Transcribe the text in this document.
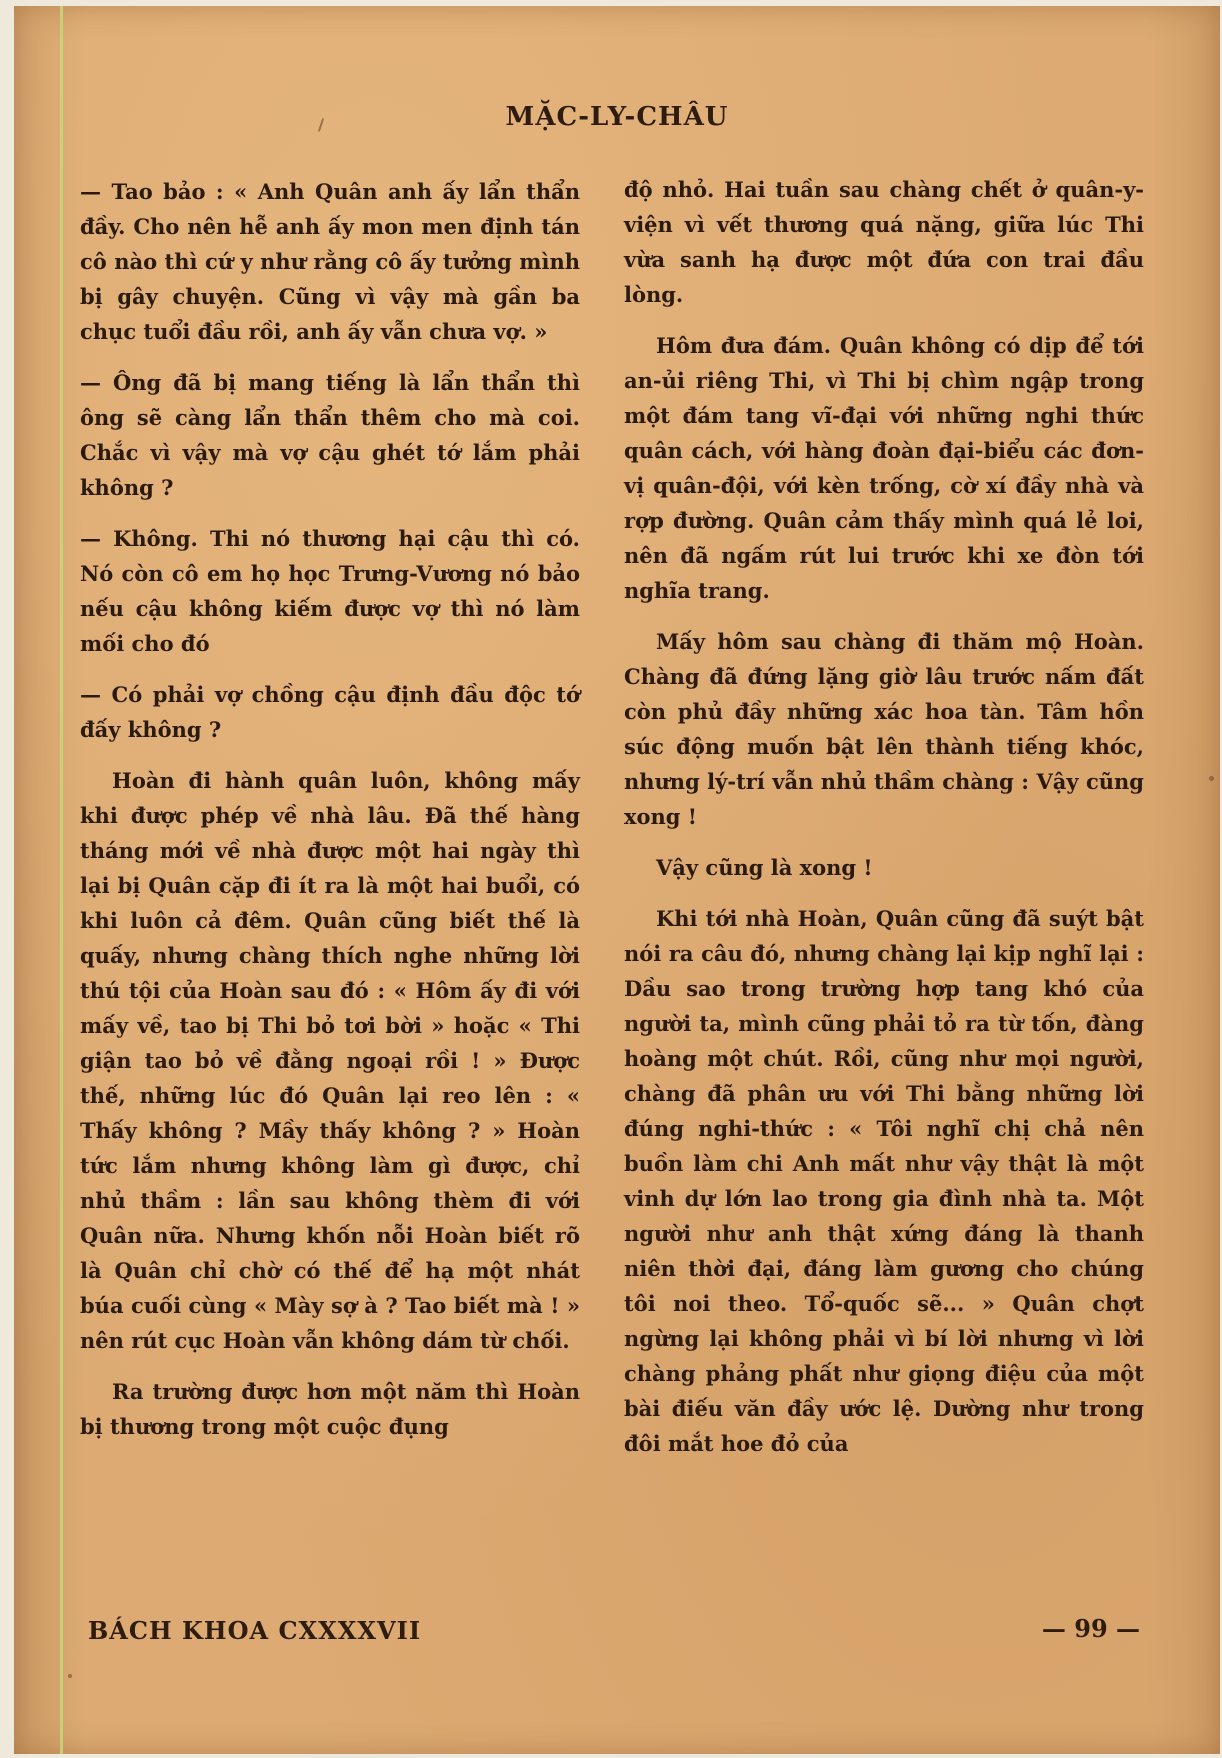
MẶC-LY-CHÂU

— Tao bảo : « Anh Quân anh ấy lẩn thẩn đầy. Cho nên hễ anh ấy mon men định tán cô nào thì cứ y như rằng cô ấy tưởng mình bị gây chuyện. Cũng vì vậy mà gần ba chục tuổi đầu rồi, anh ấy vẫn chưa vợ. »

— Ông đã bị mang tiếng là lẩn thẩn thì ông sẽ càng lẩn thẩn thêm cho mà coi. Chắc vì vậy mà vợ cậu ghét tớ lắm phải không ?

— Không. Thi nó thương hại cậu thì có. Nó còn cô em họ học Trưng-Vương nó bảo nếu cậu không kiếm được vợ thì nó làm mối cho đó

— Có phải vợ chồng cậu định đầu độc tớ đấy không ?

Hoàn đi hành quân luôn, không mấy khi được phép về nhà lâu. Đã thế hàng tháng mới về nhà được một hai ngày thì lại bị Quân cặp đi ít ra là một hai buổi, có khi luôn cả đêm. Quân cũng biết thế là quấy, nhưng chàng thích nghe những lời thú tội của Hoàn sau đó : « Hôm ấy đi với mấy về, tao bị Thi bỏ tơi bời » hoặc « Thi giận tao bỏ về đằng ngoại rồi ! » Được thế, những lúc đó Quân lại reo lên : « Thấy không ? Mầy thấy không ? » Hoàn tức lắm nhưng không làm gì được, chỉ nhủ thầm : lần sau không thèm đi với Quân nữa. Nhưng khốn nỗi Hoàn biết rõ là Quân chỉ chờ có thế để hạ một nhát búa cuối cùng « Mày sợ à ? Tao biết mà ! » nên rút cục Hoàn vẫn không dám từ chối.

Ra trường được hơn một năm thì Hoàn bị thương trong một cuộc đụng

độ nhỏ. Hai tuần sau chàng chết ở quân-y-viện vì vết thương quá nặng, giữa lúc Thi vừa sanh hạ được một đứa con trai đầu lòng.

Hôm đưa đám. Quân không có dịp để tới an-ủi riêng Thi, vì Thi bị chìm ngập trong một đám tang vĩ-đại với những nghi thức quân cách, với hàng đoàn đại-biểu các đơn-vị quân-đội, với kèn trống, cờ xí đầy nhà và rợp đường. Quân cảm thấy mình quá lẻ loi, nên đã ngấm rút lui trước khi xe đòn tới nghĩa trang.

Mấy hôm sau chàng đi thăm mộ Hoàn. Chàng đã đứng lặng giờ lâu trước nấm đất còn phủ đầy những xác hoa tàn. Tâm hồn súc động muốn bật lên thành tiếng khóc, nhưng lý-trí vẫn nhủ thầm chàng : Vậy cũng xong !

Vậy cũng là xong !

Khi tới nhà Hoàn, Quân cũng đã suýt bật nói ra câu đó, nhưng chàng lại kịp nghĩ lại : Dầu sao trong trường hợp tang khó của người ta, mình cũng phải tỏ ra từ tốn, đàng hoàng một chút. Rồi, cũng như mọi người, chàng đã phân ưu với Thi bằng những lời đúng nghi-thức : « Tôi nghĩ chị chả nên buồn làm chi Anh mất như vậy thật là một vinh dự lớn lao trong gia đình nhà ta. Một người như anh thật xứng đáng là thanh niên thời đại, đáng làm gương cho chúng tôi noi theo. Tổ-quốc sẽ... » Quân chợt ngừng lại không phải vì bí lời nhưng vì lời chàng phảng phất như giọng điệu của một bài điếu văn đầy ước lệ. Dường như trong đôi mắt hoe đỏ của

BÁCH KHOA CXXXXVII	— 99 —
